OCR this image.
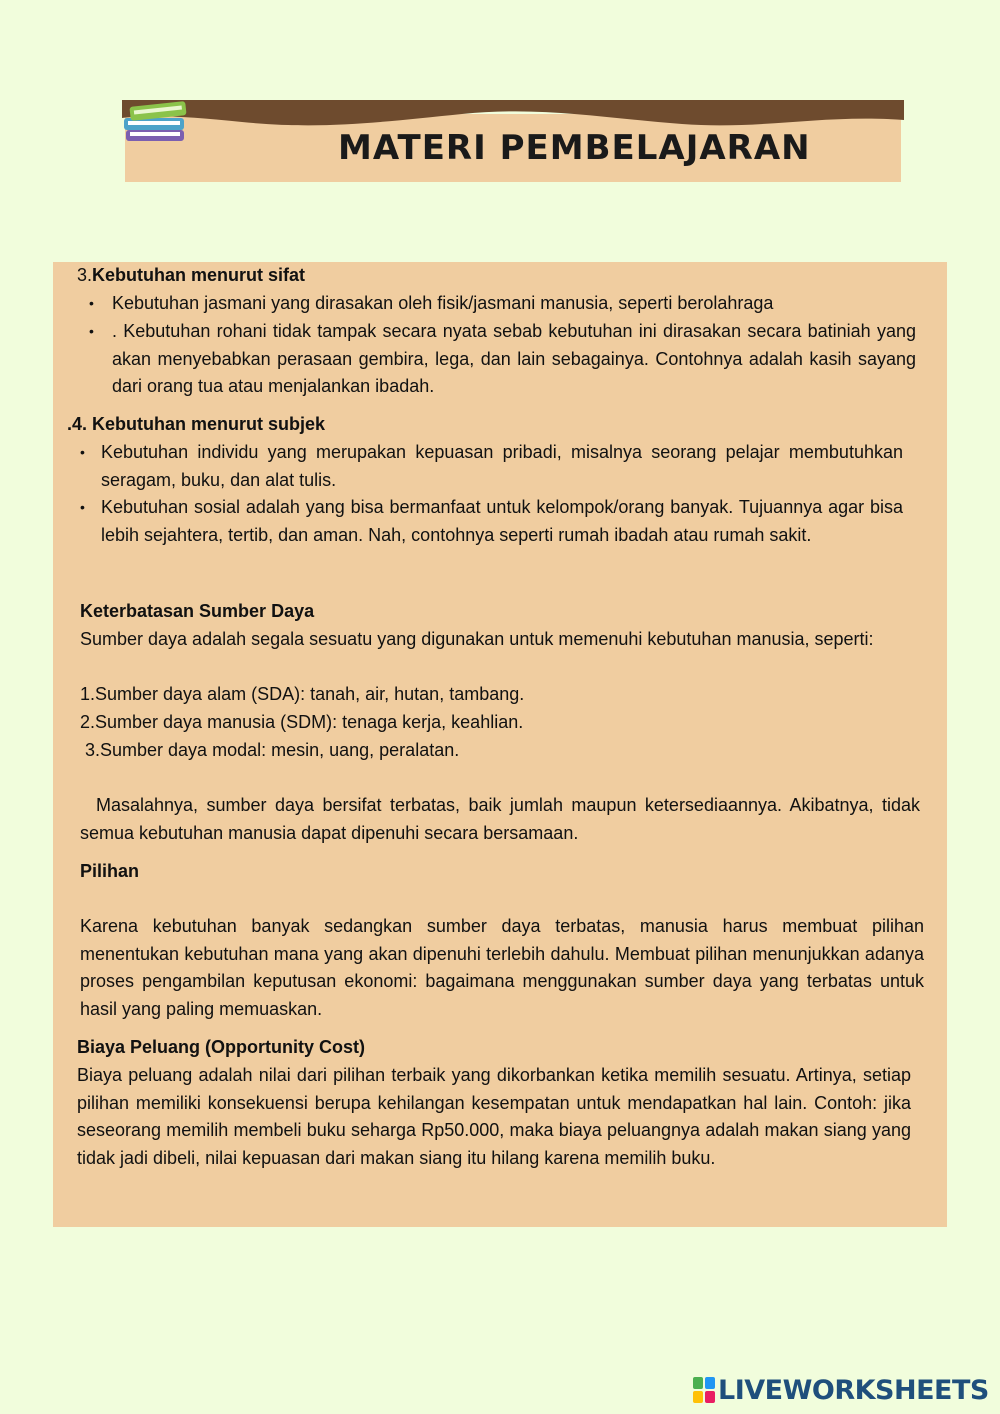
MATERI PEMBELAJARAN
3.Kebutuhan menurut sifat
• Kebutuhan jasmani yang dirasakan oleh fisik/jasmani manusia, seperti berolahraga
• . Kebutuhan rohani tidak tampak secara nyata sebab kebutuhan ini dirasakan secara batiniah yang akan menyebabkan perasaan gembira, lega, dan lain sebagainya. Contohnya adalah kasih sayang dari orang tua atau menjalankan ibadah.
.4. Kebutuhan menurut subjek
• Kebutuhan individu yang merupakan kepuasan pribadi, misalnya seorang pelajar membutuhkan seragam, buku, dan alat tulis.
• Kebutuhan sosial adalah yang bisa bermanfaat untuk kelompok/orang banyak. Tujuannya agar bisa lebih sejahtera, tertib, dan aman. Nah, contohnya seperti rumah ibadah atau rumah sakit.
Keterbatasan Sumber Daya
Sumber daya adalah segala sesuatu yang digunakan untuk memenuhi kebutuhan manusia, seperti:
1.Sumber daya alam (SDA): tanah, air, hutan, tambang.
2.Sumber daya manusia (SDM): tenaga kerja, keahlian.
3.Sumber daya modal: mesin, uang, peralatan.
Masalahnya, sumber daya bersifat terbatas, baik jumlah maupun ketersediaannya. Akibatnya, tidak semua kebutuhan manusia dapat dipenuhi secara bersamaan.
Pilihan
Karena kebutuhan banyak sedangkan sumber daya terbatas, manusia harus membuat pilihan menentukan kebutuhan mana yang akan dipenuhi terlebih dahulu. Membuat pilihan menunjukkan adanya proses pengambilan keputusan ekonomi: bagaimana menggunakan sumber daya yang terbatas untuk hasil yang paling memuaskan.
Biaya Peluang (Opportunity Cost)
Biaya peluang adalah nilai dari pilihan terbaik yang dikorbankan ketika memilih sesuatu. Artinya, setiap pilihan memiliki konsekuensi berupa kehilangan kesempatan untuk mendapatkan hal lain. Contoh: jika seseorang memilih membeli buku seharga Rp50.000, maka biaya peluangnya adalah makan siang yang tidak jadi dibeli, nilai kepuasan dari makan siang itu hilang karena memilih buku.
LIVEWORKSHEETS
